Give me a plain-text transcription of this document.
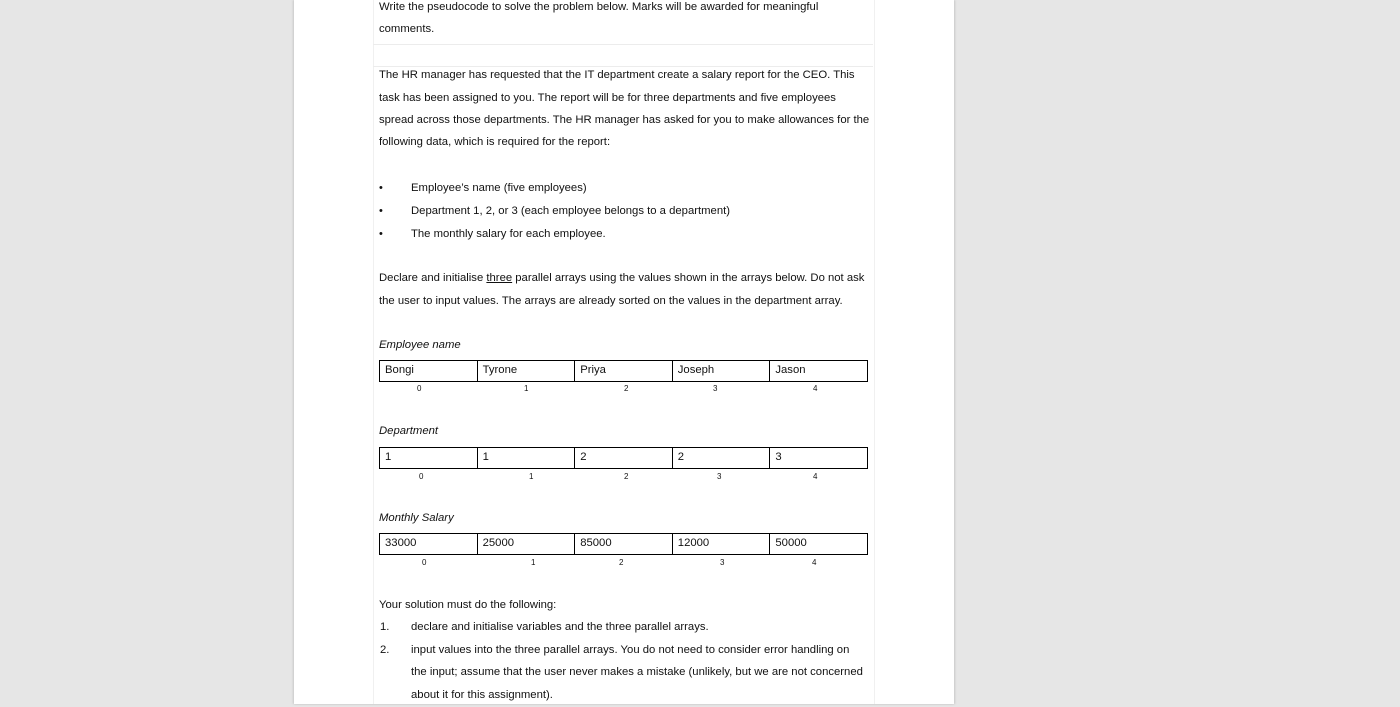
Write the pseudocode to solve the problem below. Marks will be awarded for meaningful
comments.
The HR manager has requested that the IT department create a salary report for the CEO. This
task has been assigned to you. The report will be for three departments and five employees
spread across those departments. The HR manager has asked for you to make allowances for the
following data, which is required for the report:
• Employee’s name (five employees)
• Department 1, 2, or 3 (each employee belongs to a department)
• The monthly salary for each employee.
Declare and initialise three parallel arrays using the values shown in the arrays below. Do not ask
the user to input values. The arrays are already sorted on the values in the department array.
Employee name
Bongi	Tyrone	Priya	Joseph	Jason
0	1	2	3	4
Department
1	1	2	2	3
0	1	2	3	4
Monthly Salary
33000	25000	85000	12000	50000
0	1	2	3	4
Your solution must do the following:
1. declare and initialise variables and the three parallel arrays.
2. input values into the three parallel arrays. You do not need to consider error handling on
the input; assume that the user never makes a mistake (unlikely, but we are not concerned
about it for this assignment).
